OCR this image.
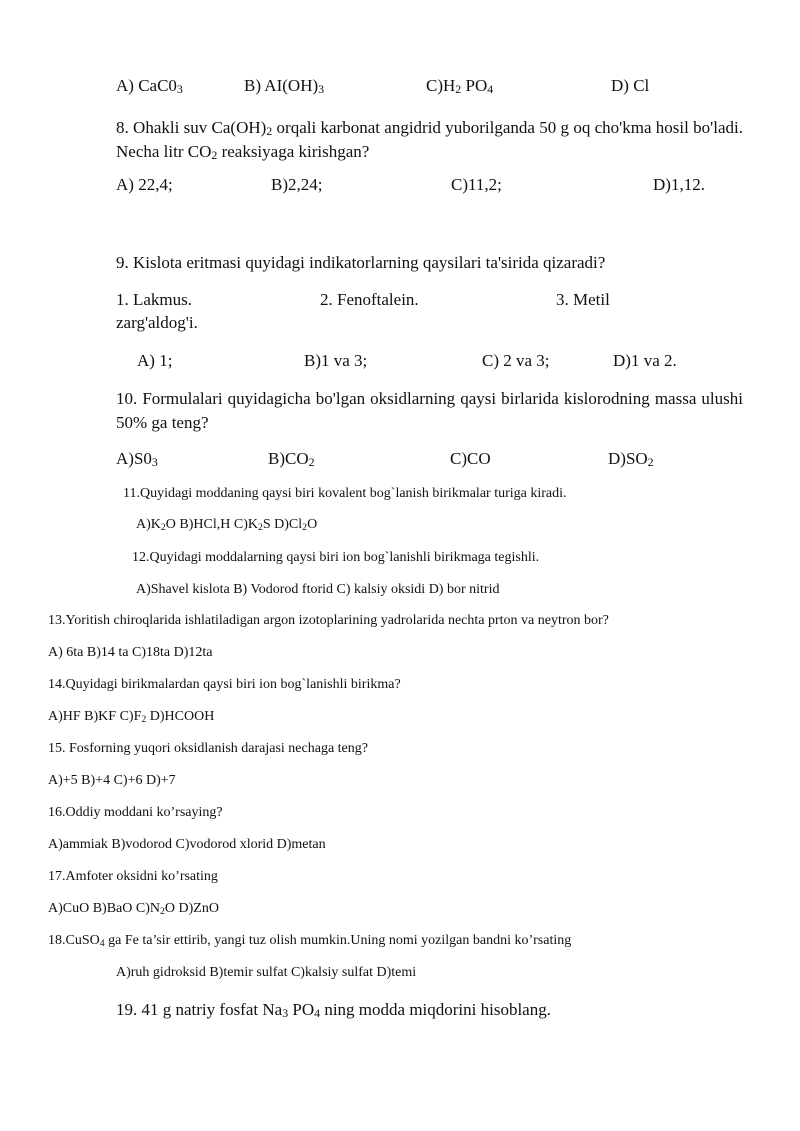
A) $CaC0_3$	B) $AI(OH)_3$	$C)H_2$ $PO_4$	D) Cl
8. Ohakli suv $Ca(OH)_2$ orqali karbonat angidrid yuborilganda 50 g oq cho'kma hosil bo'ladi. Necha litr $CO_2$ reaksiyaga kirishgan?
A) 22,4;	B)2,24;	C)11,2;	D)1,12.
9. Kislota eritmasi quyidagi indikatorlarning qaysilari ta'sirida qizaradi?
1. Lakmus.	2. Fenoftalein.	3. Metil
zarg'aldog'i.
A) 1;	B)1 va 3;	C) 2 va 3;	D)1 va 2.
10. Formulalari quyidagicha bo'lgan oksidlarning qaysi birlarida kislorodning massa ulushi 50% ga teng?
$A)S0_3$	$B)CO_2$	C)CO	$D)SO_2$
11.Quyidagi moddaning qaysi biri kovalent bog`lanish birikmalar turiga kiradi.
$A)K_2O$ B)HCl,H $C)K_2S$ $D)Cl_2O$
12.Quyidagi moddalarning qaysi biri ion bog`lanishli birikmaga tegishli.
A)Shavel kislota B) Vodorod ftorid C) kalsiy oksidi D) bor nitrid
13.Yoritish chiroqlarida ishlatiladigan argon izotoplarining yadrolarida nechta prton va neytron bor?
A) 6ta B)14 ta C)18ta D)12ta
14.Quyidagi birikmalardan qaysi biri ion bog`lanishli birikma?
A)HF B)KF $C)F_2$ D)HCOOH
15. Fosforning yuqori oksidlanish darajasi nechaga teng?
A)+5 B)+4 C)+6 D)+7
16.Oddiy moddani ko’rsaying?
A)ammiak B)vodorod C)vodorod xlorid D)metan
17.Amfoter oksidni ko’rsating
A)CuO B)BaO $C)N_2O$ D)ZnO
18.CuSO$_4$ ga Fe ta’sir ettirib, yangi tuz olish mumkin.Uning nomi yozilgan bandni ko’rsating
A)ruh gidroksid B)temir sulfat C)kalsiy sulfat D)temi
19. 41 g natriy fosfat $Na_3$ $PO_4$ ning modda miqdorini hisoblang.
